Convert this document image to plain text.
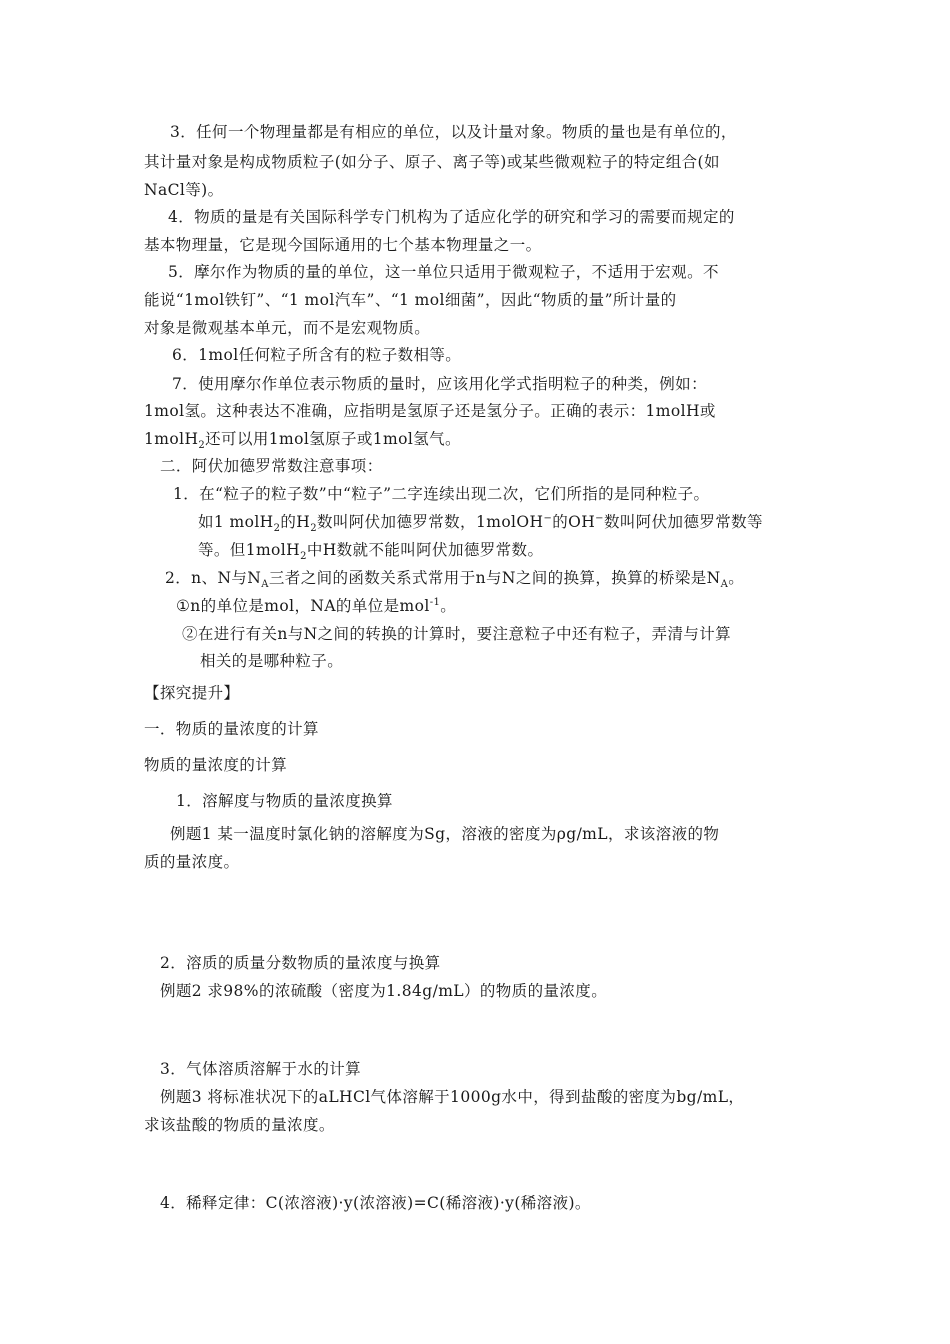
3．任何一个物理量都是有相应的单位，以及计量对象。物质的量也是有单位的，
其计量对象是构成物质粒子(如分子、原子、离子等)或某些微观粒子的特定组合(如
NaCl等)。
4．物质的量是有关国际科学专门机构为了适应化学的研究和学习的需要而规定的
基本物理量，它是现今国际通用的七个基本物理量之一。
5．摩尔作为物质的量的单位，这一单位只适用于微观粒子，不适用于宏观。不
能说“1mol铁钉”、“1 mol汽车”、“1 mol细菌”，因此“物质的量”所计量的
对象是微观基本单元，而不是宏观物质。
6．1mol任何粒子所含有的粒子数相等。
7．使用摩尔作单位表示物质的量时，应该用化学式指明粒子的种类，例如：
1mol氢。这种表达不准确，应指明是氢原子还是氢分子。正确的表示：1molH或
1molH$_2$还可以用1mol氢原子或1mol氢气。
二．阿伏加德罗常数注意事项：
1．在“粒子的粒子数”中“粒子”二字连续出现二次，它们所指的是同种粒子。
如1 molH$_2$的$H_2$数叫阿伏加德罗常数，1molOH−的OH−数叫阿伏加德罗常数等
等。但1molH$_2$中H数就不能叫阿伏加德罗常数。
2．n、N与$N_A$三者之间的函数关系式常用于n与N之间的换算，换算的桥梁是$N_A$。
①n的单位是mol，NA的单位是mol$^{-1}$。
②在进行有关n与N之间的转换的计算时，要注意粒子中还有粒子，弄清与计算
相关的是哪种粒子。
【探究提升】
一．物质的量浓度的计算
物质的量浓度的计算
1．溶解度与物质的量浓度换算
例题1 某一温度时氯化钠的溶解度为Sg，溶液的密度为ρg/mL，求该溶液的物
质的量浓度。
2．溶质的质量分数物质的量浓度与换算
例题2 求98%的浓硫酸（密度为1.84g/mL）的物质的量浓度。
3．气体溶质溶解于水的计算
例题3 将标准状况下的aLHCl气体溶解于1000g水中，得到盐酸的密度为bg/mL，
求该盐酸的物质的量浓度。
4．稀释定律：C(浓溶液)·y(浓溶液)=C(稀溶液)·y(稀溶液)。
